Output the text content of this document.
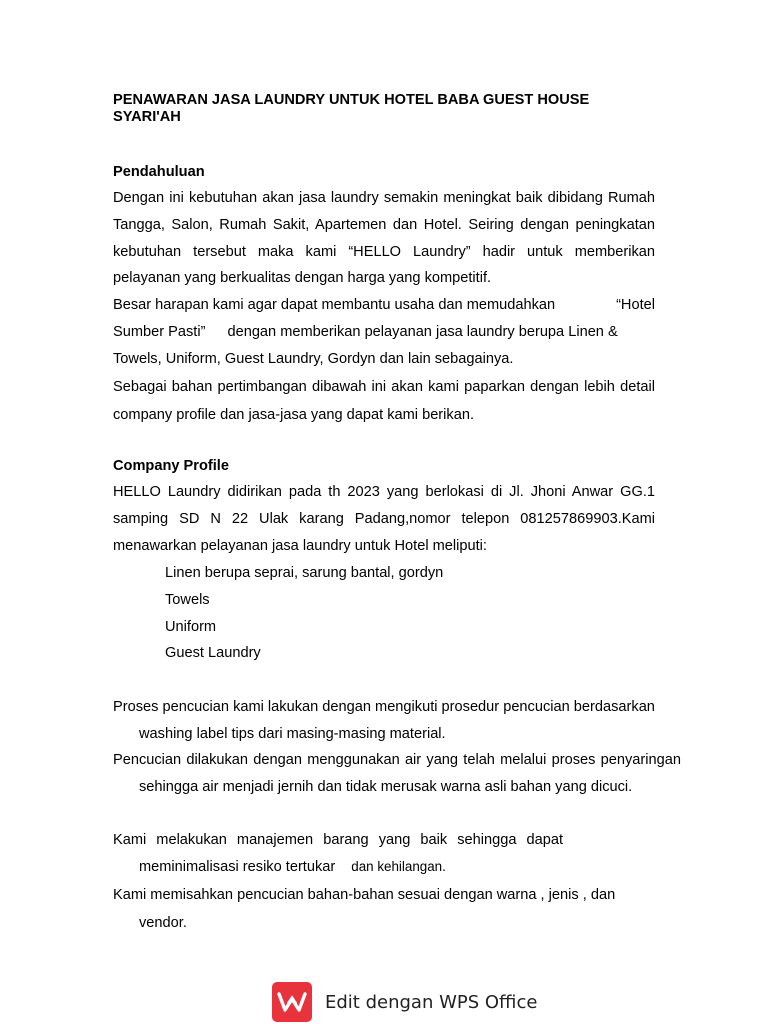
PENAWARAN JASA LAUNDRY UNTUK HOTEL BABA GUEST HOUSE SYARI'AH
Pendahuluan
Dengan ini kebutuhan akan jasa laundry semakin meningkat baik dibidang Rumah Tangga, Salon, Rumah Sakit, Apartemen dan Hotel. Seiring dengan peningkatan kebutuhan tersebut maka kami “HELLO Laundry” hadir untuk memberikan pelayanan yang berkualitas dengan harga yang kompetitif.
Besar harapan kami agar dapat membantu usaha dan memudahkan	“Hotel
Sumber Pasti” dengan memberikan pelayanan jasa laundry berupa Linen &
Towels, Uniform, Guest Laundry, Gordyn dan lain sebagainya.
Sebagai bahan pertimbangan dibawah ini akan kami paparkan dengan lebih detail company profile dan jasa-jasa yang dapat kami berikan.
Company Profile
HELLO Laundry didirikan pada th 2023 yang berlokasi di Jl. Jhoni Anwar GG.1 samping SD N 22 Ulak karang Padang,nomor telepon 081257869903.Kami menawarkan pelayanan jasa laundry untuk Hotel meliputi:
Linen berupa seprai, sarung bantal, gordyn
Towels
Uniform
Guest Laundry
Proses pencucian kami lakukan dengan mengikuti prosedur pencucian berdasarkan washing label tips dari masing-masing material.
Pencucian dilakukan dengan menggunakan air yang telah melalui proses penyaringan sehingga air menjadi jernih dan tidak merusak warna asli bahan yang dicuci.
Kami melakukan manajemen barang yang baik sehingga dapat
meminimalisasi resiko tertukar dan kehilangan.
Kami memisahkan pencucian bahan-bahan sesuai dengan warna , jenis , dan
vendor.
Edit dengan WPS Office
